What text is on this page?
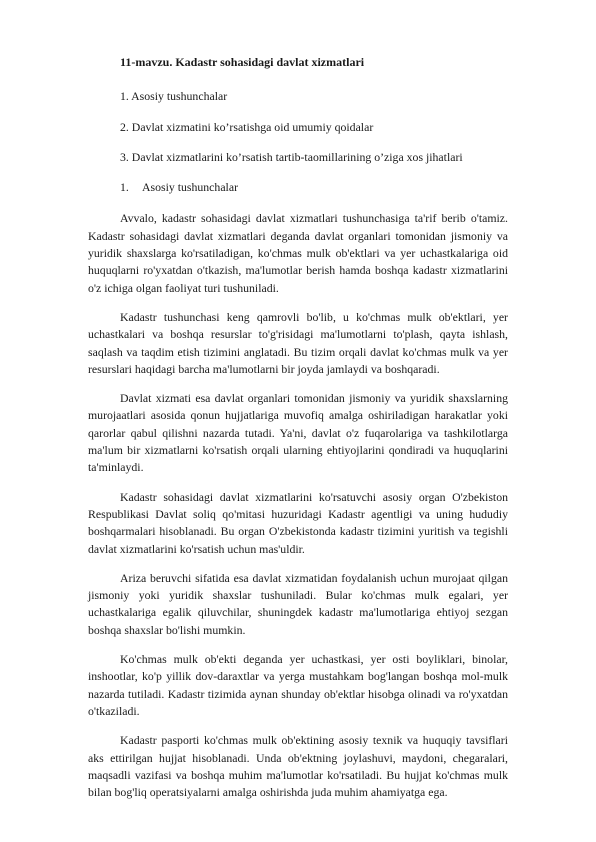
11-mavzu. Kadastr sohasidagi davlat xizmatlari
1. Asosiy tushunchalar
2. Davlat xizmatini ko’rsatishga oid umumiy qoidalar
3. Davlat xizmatlarini ko’rsatish tartib-taomillarining o’ziga xos jihatlari
1.	Asosiy tushunchalar

Avvalo, kadastr sohasidagi davlat xizmatlari tushunchasiga ta'rif berib o'tamiz. Kadastr sohasidagi davlat xizmatlari deganda davlat organlari tomonidan jismoniy va yuridik shaxslarga ko'rsatiladigan, ko'chmas mulk ob'ektlari va yer uchastkalariga oid huquqlarni ro'yxatdan o'tkazish, ma'lumotlar berish hamda boshqa kadastr xizmatlarini o'z ichiga olgan faoliyat turi tushuniladi.

Kadastr tushunchasi keng qamrovli bo'lib, u ko'chmas mulk ob'ektlari, yer uchastkalari va boshqa resurslar to'g'risidagi ma'lumotlarni to'plash, qayta ishlash, saqlash va taqdim etish tizimini anglatadi. Bu tizim orqali davlat ko'chmas mulk va yer resurslari haqidagi barcha ma'lumotlarni bir joyda jamlaydi va boshqaradi.

Davlat xizmati esa davlat organlari tomonidan jismoniy va yuridik shaxslarning murojaatlari asosida qonun hujjatlariga muvofiq amalga oshiriladigan harakatlar yoki qarorlar qabul qilishni nazarda tutadi. Ya'ni, davlat o'z fuqarolariga va tashkilotlarga ma'lum bir xizmatlarni ko'rsatish orqali ularning ehtiyojlarini qondiradi va huquqlarini ta'minlaydi.

Kadastr sohasidagi davlat xizmatlarini ko'rsatuvchi asosiy organ O'zbekiston Respublikasi Davlat soliq qo'mitasi huzuridagi Kadastr agentligi va uning hududiy boshqarmalari hisoblanadi. Bu organ O'zbekistonda kadastr tizimini yuritish va tegishli davlat xizmatlarini ko'rsatish uchun mas'uldir.

Ariza beruvchi sifatida esa davlat xizmatidan foydalanish uchun murojaat qilgan jismoniy yoki yuridik shaxslar tushuniladi. Bular ko'chmas mulk egalari, yer uchastkalariga egalik qiluvchilar, shuningdek kadastr ma'lumotlariga ehtiyoj sezgan boshqa shaxslar bo'lishi mumkin.

Ko'chmas mulk ob'ekti deganda yer uchastkasi, yer osti boyliklari, binolar, inshootlar, ko'p yillik dov-daraxtlar va yerga mustahkam bog'langan boshqa mol-mulk nazarda tutiladi. Kadastr tizimida aynan shunday ob'ektlar hisobga olinadi va ro'yxatdan o'tkaziladi.

Kadastr pasporti ko'chmas mulk ob'ektining asosiy texnik va huquqiy tavsiflari aks ettirilgan hujjat hisoblanadi. Unda ob'ektning joylashuvi, maydoni, chegaralari, maqsadli vazifasi va boshqa muhim ma'lumotlar ko'rsatiladi. Bu hujjat ko'chmas mulk bilan bog'liq operatsiyalarni amalga oshirishda juda muhim ahamiyatga ega.
